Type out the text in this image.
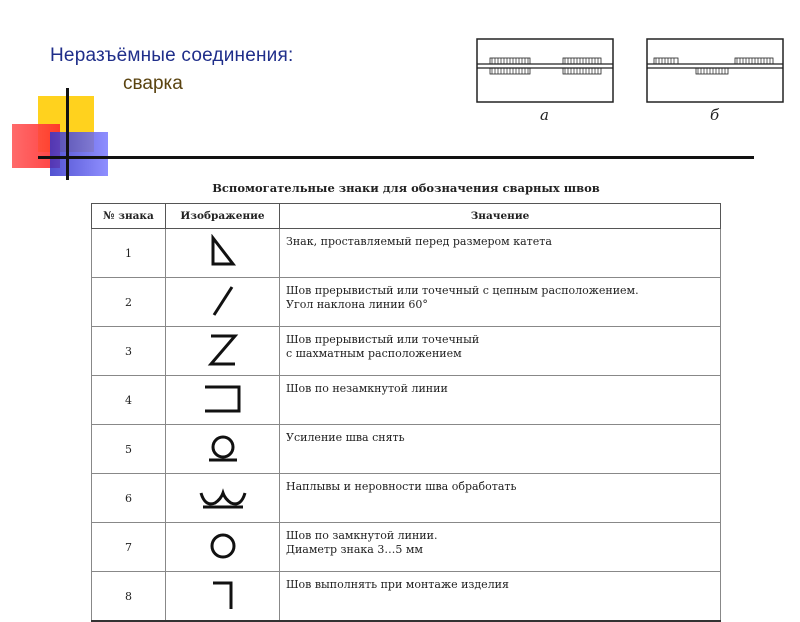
Неразъёмные соединения:
сварка
а	б
Вспомогательные знаки для обозначения сварных швов
№ знака	Изображение	Значение
1		Знак, проставляемый перед размером катета

2		Шов прерывистый или точечный с цепным расположением.
Угол наклона линии 60°

3		Шов прерывистый или точечный
с шахматным расположением

4		Шов по незамкнутой линии

5		Усиление шва снять

6		Наплывы и неровности шва обработать

7		Шов по замкнутой линии.
Диаметр знака 3…5 мм

8		Шов выполнять при монтаже изделия
